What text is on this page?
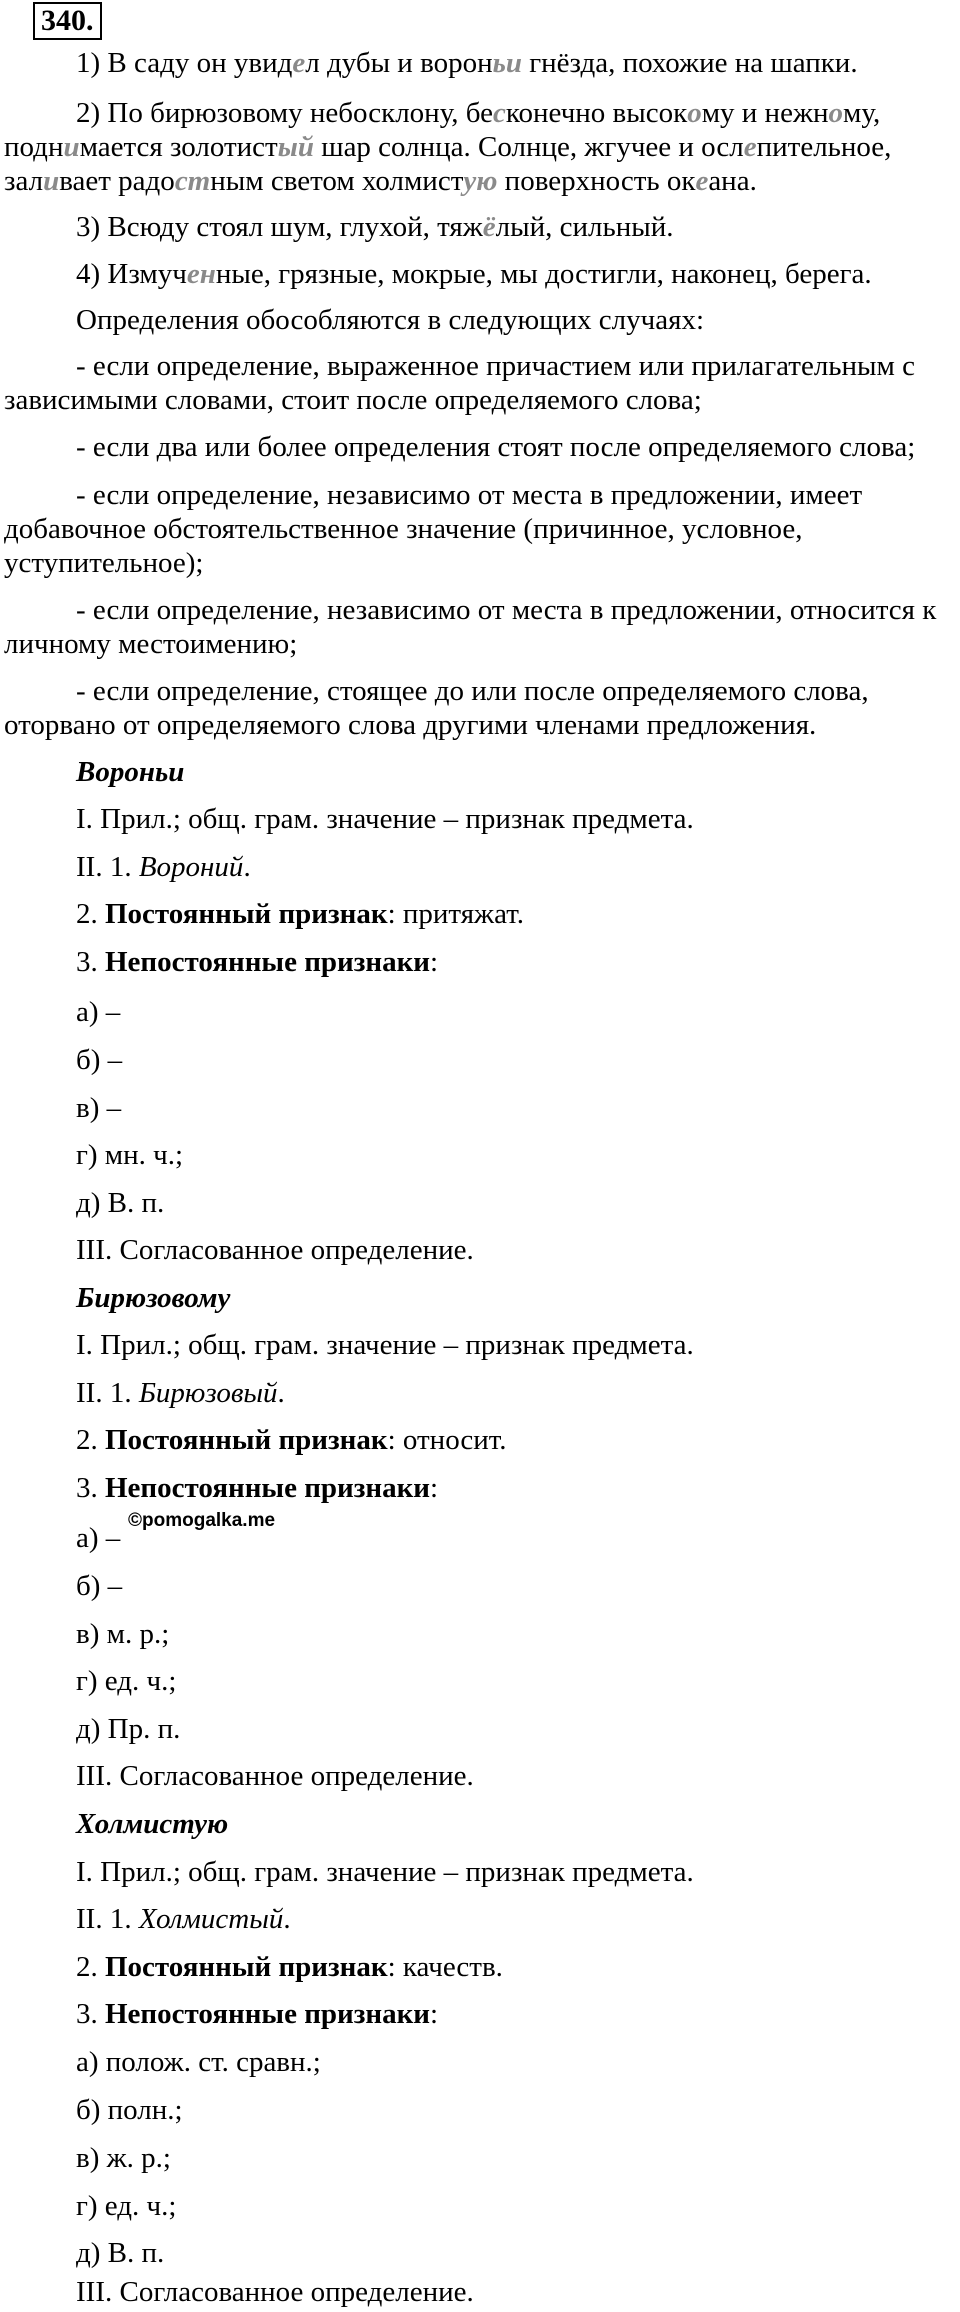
340.
1) В саду он увидел дубы и вороньи гнёзда, похожие на шапки.
2) По бирюзовому небосклону, бесконечно высокому и нежному,
поднимается золотистый шар солнца. Солнце, жгучее и ослепительное,
заливает радостным светом холмистую поверхность океана.
3) Всюду стоял шум, глухой, тяжёлый, сильный.
4) Измученные, грязные, мокрые, мы достигли, наконец, берега.
Определения обособляются в следующих случаях:
- если определение, выраженное причастием или прилагательным с
зависимыми словами, стоит после определяемого слова;
- если два или более определения стоят после определяемого слова;
- если определение, независимо от места в предложении, имеет
добавочное обстоятельственное значение (причинное, условное,
уступительное);
- если определение, независимо от места в предложении, относится к
личному местоимению;
- если определение, стоящее до или после определяемого слова,
оторвано от определяемого слова другими членами предложения.
Вороньи
I. Прил.; общ. грам. значение – признак предмета.
II. 1. Вороний.
2. Постоянный признак: притяжат.
3. Непостоянные признаки:
а) –
б) –
в) –
г) мн. ч.;
д) В. п.
III. Согласованное определение.
Бирюзовому
I. Прил.; общ. грам. значение – признак предмета.
II. 1. Бирюзовый.
2. Постоянный признак: относит.
3. Непостоянные признаки:
а) –
©pomogalka.me
б) –
в) м. р.;
г) ед. ч.;
д) Пр. п.
III. Согласованное определение.
Холмистую
I. Прил.; общ. грам. значение – признак предмета.
II. 1. Холмистый.
2. Постоянный признак: качеств.
3. Непостоянные признаки:
а) полож. ст. сравн.;
б) полн.;
в) ж. р.;
г) ед. ч.;
д) В. п.
III. Согласованное определение.
